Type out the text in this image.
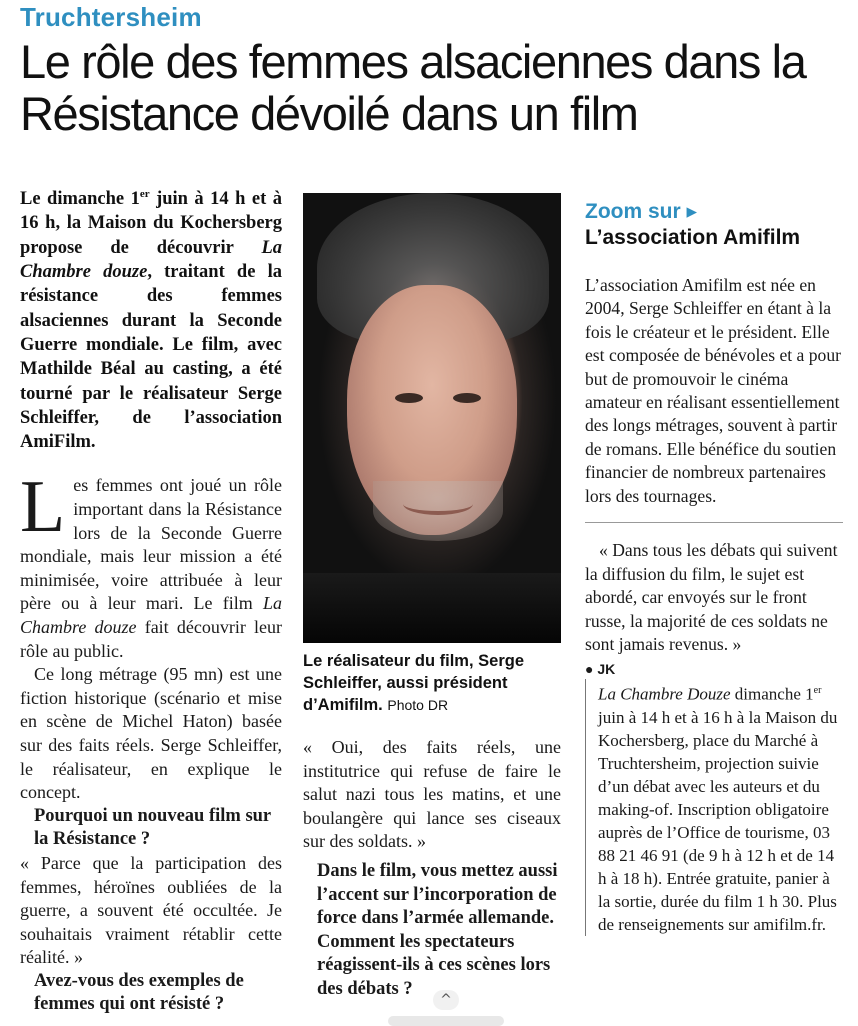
Truchtersheim
Le rôle des femmes alsaciennes dans la Résistance dévoilé dans un film

Le dimanche 1er juin à 14 h et à 16 h, la Maison du Kochersberg propose de découvrir La Chambre douze, traitant de la résistance des femmes alsaciennes durant la Seconde Guerre mondiale. Le film, avec Mathilde Béal au casting, a été tourné par le réalisateur Serge Schleiffer, de l’association AmiFilm.

Les femmes ont joué un rôle important dans la Résistance lors de la Seconde Guerre mondiale, mais leur mission a été minimisée, voire attribuée à leur père ou à leur mari. Le film La Chambre douze fait découvrir leur rôle au public.

Ce long métrage (95 mn) est une fiction historique (scénario et mise en scène de Michel Haton) basée sur des faits réels. Serge Schleiffer, le réalisateur, en explique le concept.

Pourquoi un nouveau film sur la Résistance ?

« Parce que la participation des femmes, héroïnes oubliées de la guerre, a souvent été occultée. Je souhaitais vraiment rétablir cette réalité. »

Avez-vous des exemples de femmes qui ont résisté ?

Le réalisateur du film, Serge Schleiffer, aussi président d’Amifilm. Photo DR

« Oui, des faits réels, une institutrice qui refuse de faire le salut nazi tous les matins, et une boulangère qui lance ses ciseaux sur des soldats. »

Dans le film, vous mettez aussi l’accent sur l’incorporation de force dans l’armée allemande. Comment les spectateurs réagissent-ils à ces scènes lors des débats ?

Zoom sur ▸
L’association Amifilm

L’association Amifilm est née en 2004, Serge Schleiffer en étant à la fois le créateur et le président. Elle est composée de bénévoles et a pour but de promouvoir le cinéma amateur en réalisant essentiellement des longs métrages, souvent à partir de romans. Elle bénéfice du soutien financier de nombreux partenaires lors des tournages.

« Dans tous les débats qui suivent la diffusion du film, le sujet est abordé, car envoyés sur le front russe, la majorité de ces soldats ne sont jamais revenus. »

● JK

La Chambre Douze dimanche 1er juin à 14 h et à 16 h à la Maison du Kochersberg, place du Marché à Truchtersheim, projection suivie d’un débat avec les auteurs et du making-of. Inscription obligatoire auprès de l’Office de tourisme, 03 88 21 46 91 (de 9 h à 12 h et de 14 h à 18 h). Entrée gratuite, panier à la sortie, durée du film 1 h 30. Plus de renseignements sur amifilm.fr.

^
